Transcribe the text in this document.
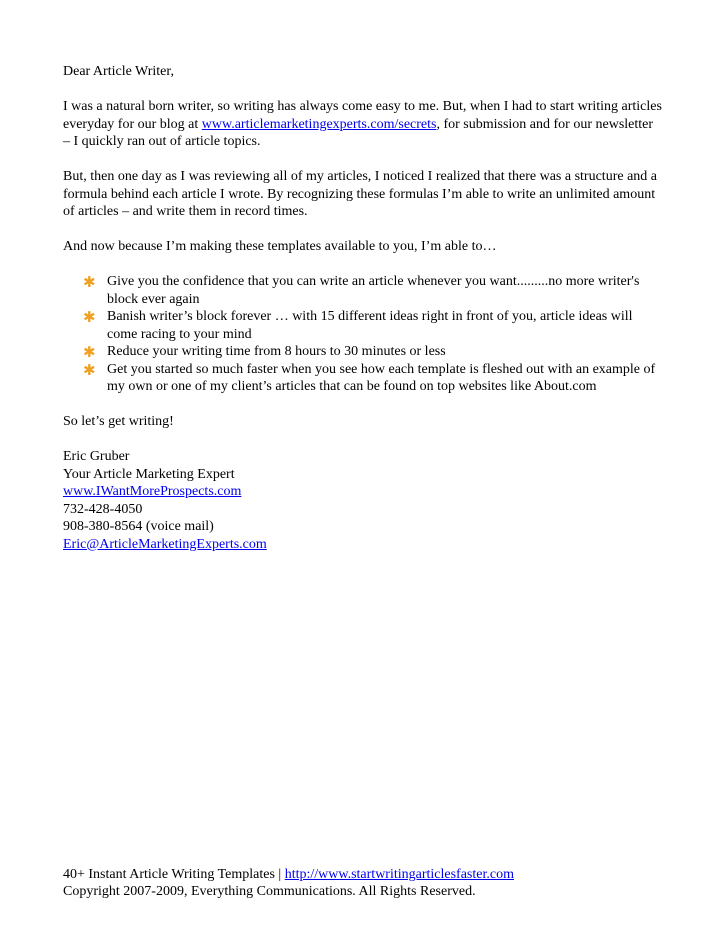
Dear Article Writer,

I was a natural born writer, so writing has always come easy to me. But, when I had to start writing articles everyday for our blog at www.articlemarketingexperts.com/secrets, for submission and for our newsletter – I quickly ran out of article topics.

But, then one day as I was reviewing all of my articles, I noticed I realized that there was a structure and a formula behind each article I wrote. By recognizing these formulas I’m able to write an unlimited amount of articles – and write them in record times.

And now because I’m making these templates available to you, I’m able to…

✱ Give you the confidence that you can write an article whenever you want.........no more writer's block ever again
✱ Banish writer’s block forever … with 15 different ideas right in front of you, article ideas will come racing to your mind
✱ Reduce your writing time from 8 hours to 30 minutes or less
✱ Get you started so much faster when you see how each template is fleshed out with an example of my own or one of my client’s articles that can be found on top websites like About.com

So let’s get writing!

Eric Gruber

Your Article Marketing Expert

www.IWantMoreProspects.com

732-428-4050

908-380-8564 (voice mail)

Eric@ArticleMarketingExperts.com

40+ Instant Article Writing Templates | http://www.startwritingarticlesfaster.com

Copyright 2007-2009, Everything Communications. All Rights Reserved.
